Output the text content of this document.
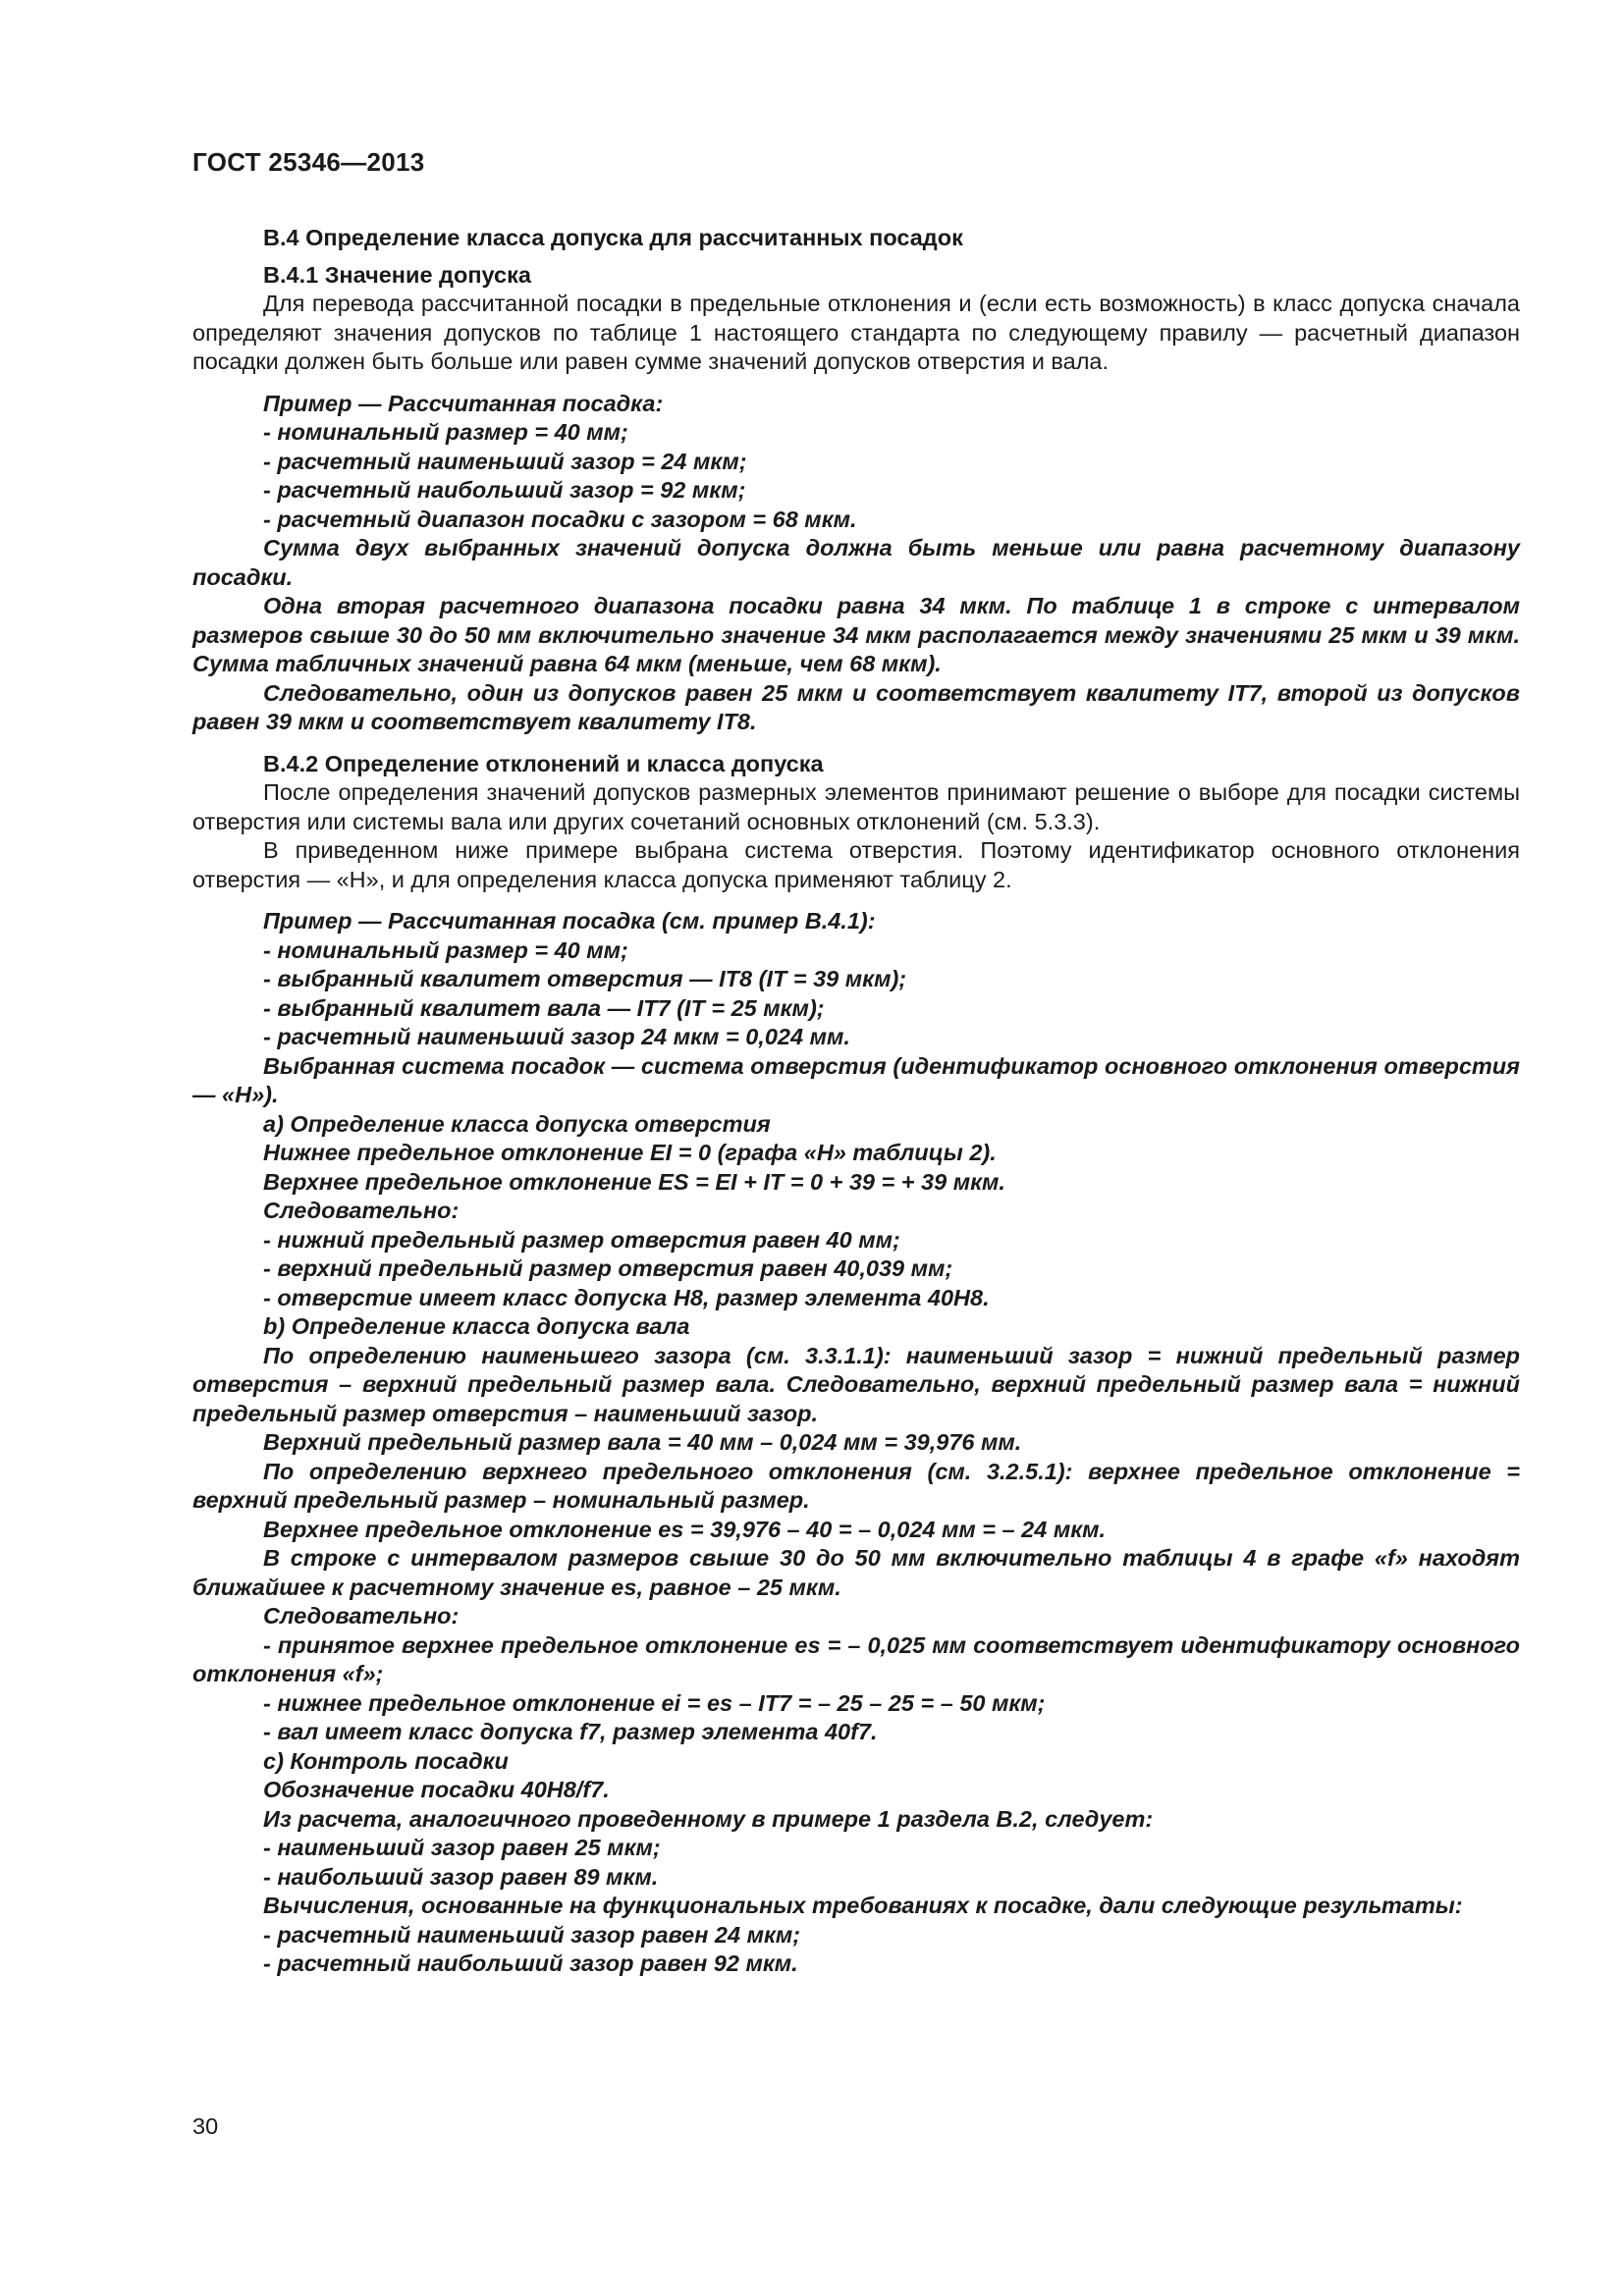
ГОСТ 25346—2013

В.4 Определение класса допуска для рассчитанных посадок

В.4.1 Значение допуска

Для перевода рассчитанной посадки в предельные отклонения и (если есть возможность) в класс допуска сначала определяют значения допусков по таблице 1 настоящего стандарта по следующему правилу — расчетный диапазон посадки должен быть больше или равен сумме значений допусков отверстия и вала.

Пример — Рассчитанная посадка:

- номинальный размер = 40 мм;

- расчетный наименьший зазор = 24 мкм;

- расчетный наибольший зазор = 92 мкм;

- расчетный диапазон посадки с зазором = 68 мкм.

Сумма двух выбранных значений допуска должна быть меньше или равна расчетному диапазону посадки.

Одна вторая расчетного диапазона посадки равна 34 мкм. По таблице 1 в строке с интервалом размеров свыше 30 до 50 мм включительно значение 34 мкм располагается между значениями 25 мкм и 39 мкм. Сумма табличных значений равна 64 мкм (меньше, чем 68 мкм).

Следовательно, один из допусков равен 25 мкм и соответствует квалитету IT7, второй из допусков равен 39 мкм и соответствует квалитету IT8.

В.4.2 Определение отклонений и класса допуска

После определения значений допусков размерных элементов принимают решение о выборе для посадки системы отверстия или системы вала или других сочетаний основных отклонений (см. 5.3.3).

В приведенном ниже примере выбрана система отверстия. Поэтому идентификатор основного отклонения отверстия — «H», и для определения класса допуска применяют таблицу 2.

Пример — Рассчитанная посадка (см. пример В.4.1):

- номинальный размер = 40 мм;

- выбранный квалитет отверстия — IT8 (IT = 39 мкм);

- выбранный квалитет вала — IT7 (IT = 25 мкм);

- расчетный наименьший зазор 24 мкм = 0,024 мм.

Выбранная система посадок — система отверстия (идентификатор основного отклонения отверстия — «H»).

a) Определение класса допуска отверстия

Нижнее предельное отклонение EI = 0 (графа «H» таблицы 2).

Верхнее предельное отклонение ES = EI + IT = 0 + 39 = + 39 мкм.

Следовательно:

- нижний предельный размер отверстия равен 40 мм;

- верхний предельный размер отверстия равен 40,039 мм;

- отверстие имеет класс допуска H8, размер элемента 40H8.

b) Определение класса допуска вала

По определению наименьшего зазора (см. 3.3.1.1): наименьший зазор = нижний предельный размер отверстия – верхний предельный размер вала. Следовательно, верхний предельный размер вала = нижний предельный размер отверстия – наименьший зазор.

Верхний предельный размер вала = 40 мм – 0,024 мм = 39,976 мм.

По определению верхнего предельного отклонения (см. 3.2.5.1): верхнее предельное отклонение = верхний предельный размер – номинальный размер.

Верхнее предельное отклонение es = 39,976 – 40 = – 0,024 мм = – 24 мкм.

В строке с интервалом размеров свыше 30 до 50 мм включительно таблицы 4 в графе «f» находят ближайшее к расчетному значение es, равное – 25 мкм.

Следовательно:

- принятое верхнее предельное отклонение es = – 0,025 мм соответствует идентификатору основного отклонения «f»;

- нижнее предельное отклонение ei = es – IT7 = – 25 – 25 = – 50 мкм;

- вал имеет класс допуска f7, размер элемента 40f7.

c) Контроль посадки

Обозначение посадки 40H8/f7.

Из расчета, аналогичного проведенному в примере 1 раздела В.2, следует:

- наименьший зазор равен 25 мкм;

- наибольший зазор равен 89 мкм.

Вычисления, основанные на функциональных требованиях к посадке, дали следующие результаты:

- расчетный наименьший зазор равен 24 мкм;

- расчетный наибольший зазор равен 92 мкм.

30
